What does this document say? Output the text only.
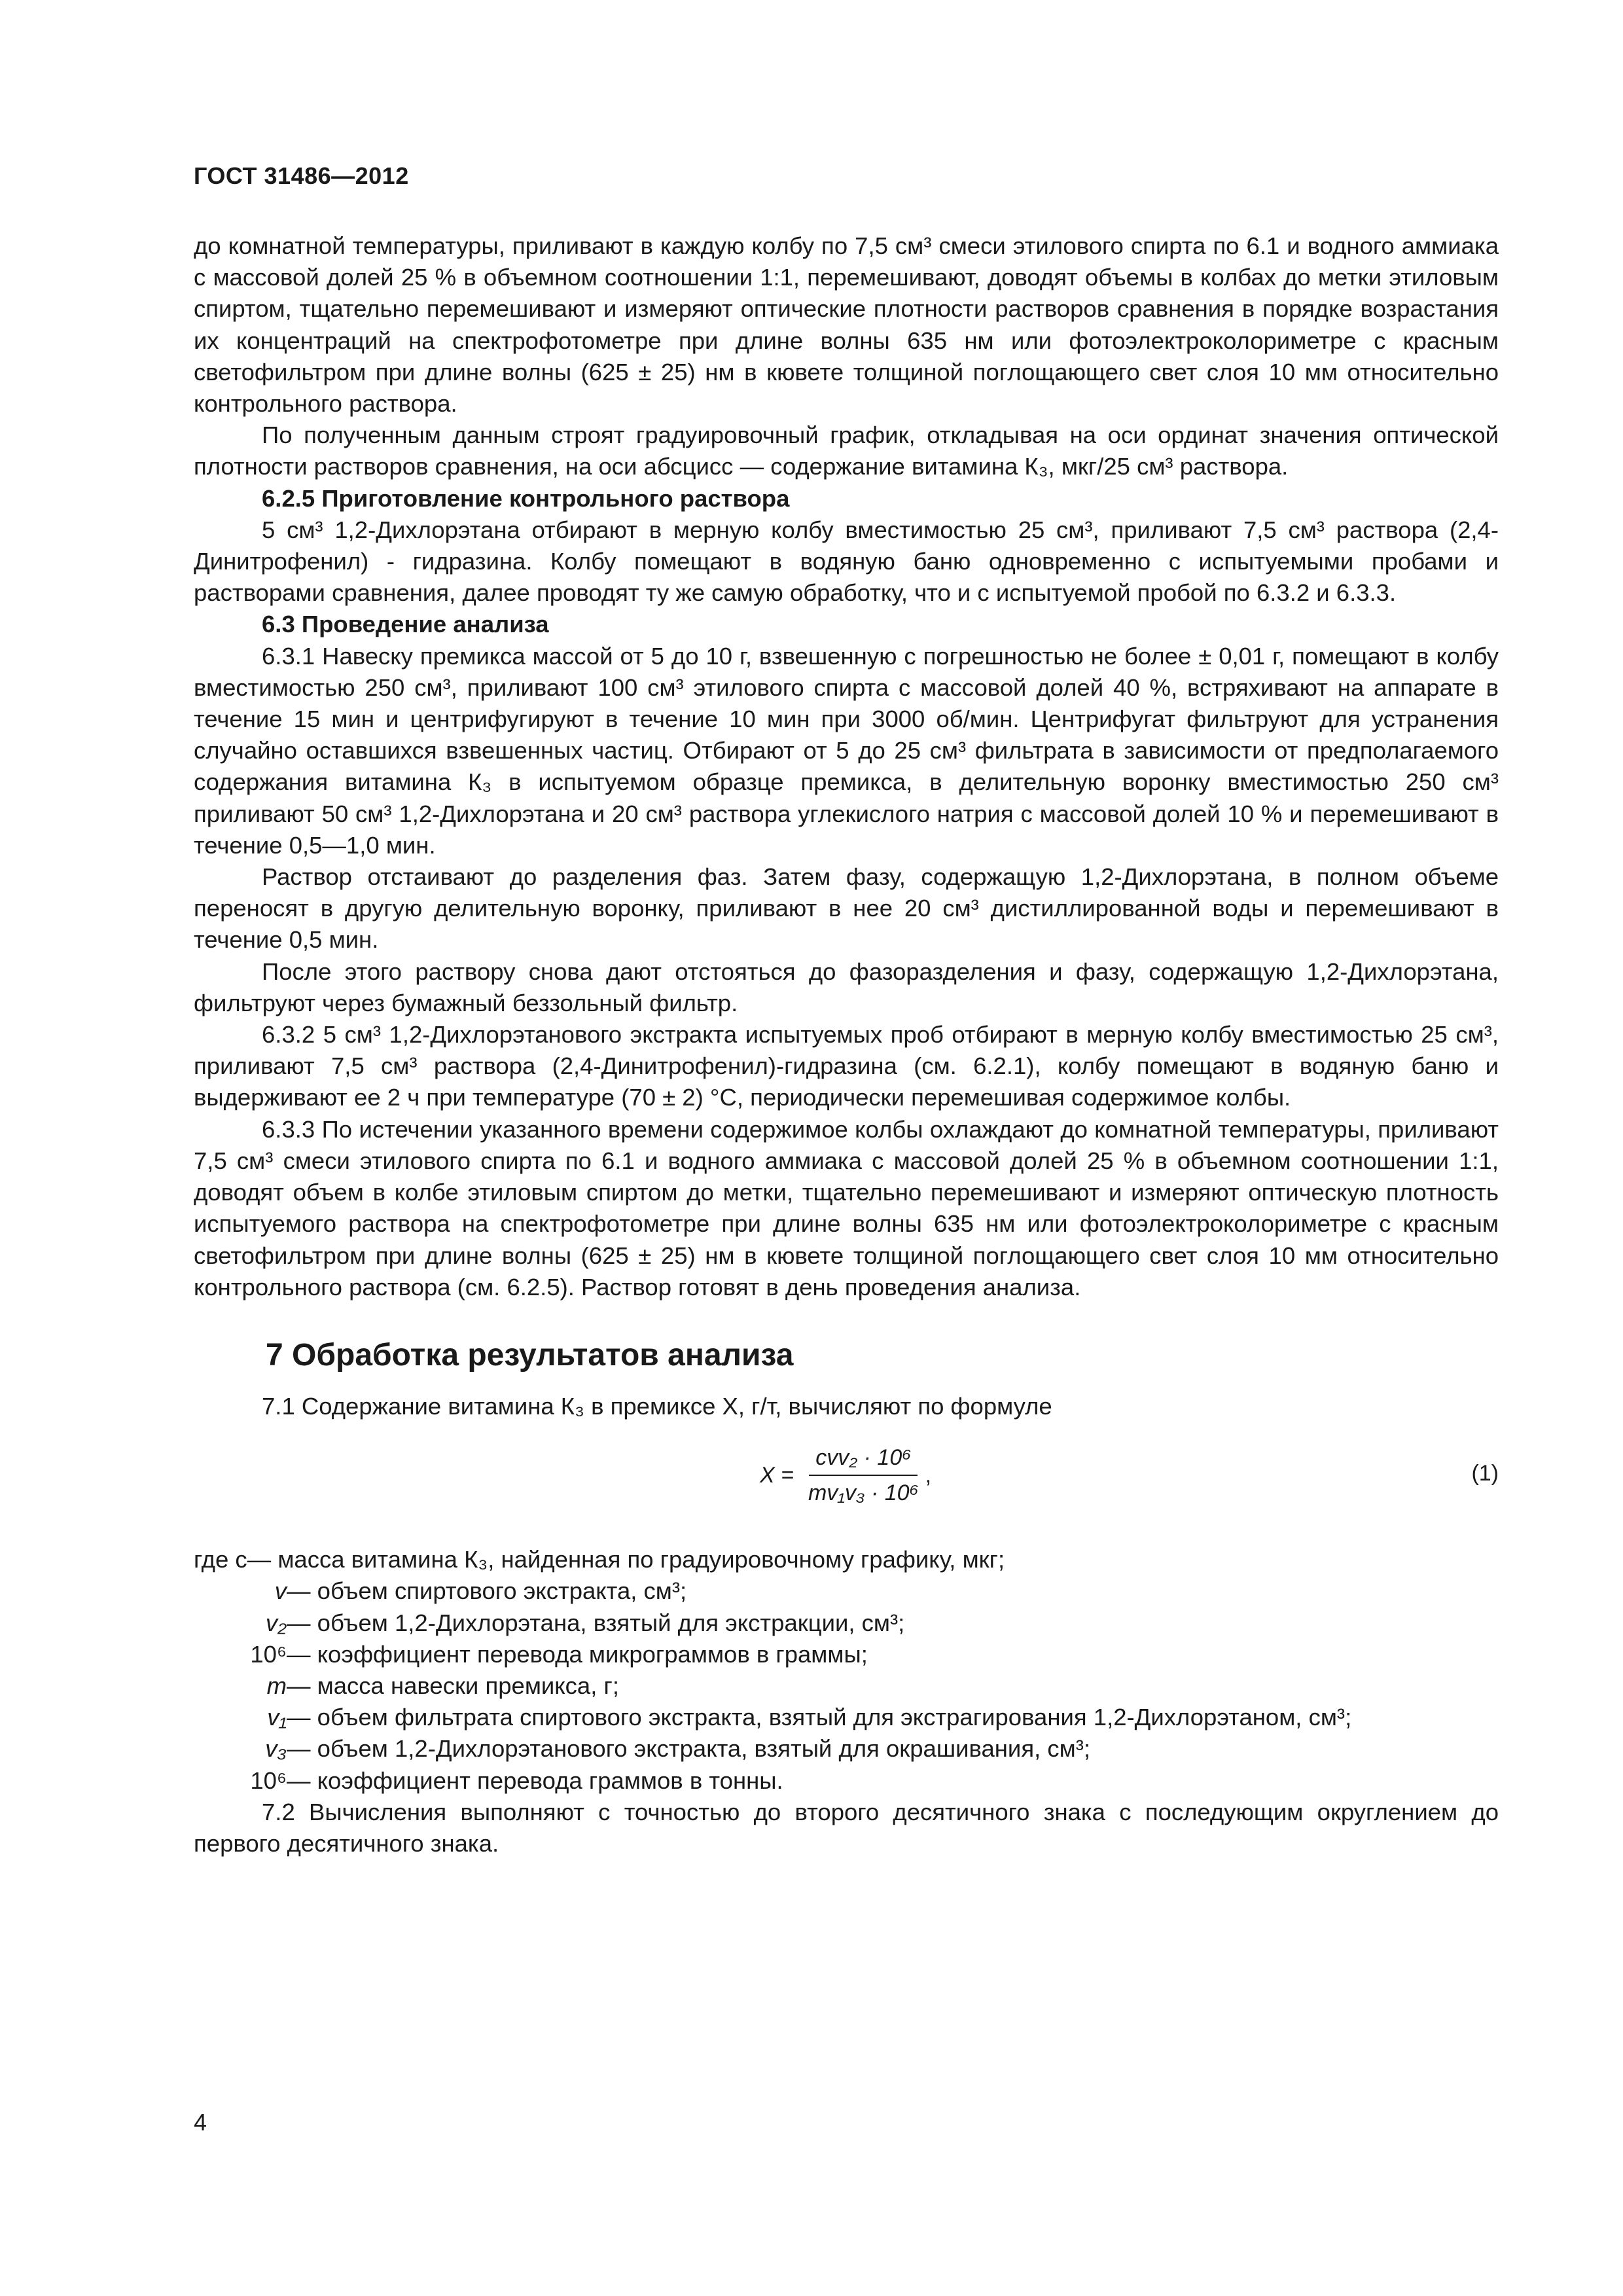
ГОСТ 31486—2012

до комнатной температуры, приливают в каждую колбу по 7,5 см³ смеси этилового спирта по 6.1 и водного аммиака с массовой долей 25 % в объемном соотношении 1:1, перемешивают, доводят объемы в колбах до метки этиловым спиртом, тщательно перемешивают и измеряют оптические плотности растворов сравнения в порядке возрастания их концентраций на спектрофотометре при длине волны 635 нм или фотоэлектроколориметре с красным светофильтром при длине волны (625 ± 25) нм в кювете толщиной поглощающего свет слоя 10 мм относительно контрольного раствора.

По полученным данным строят градуировочный график, откладывая на оси ординат значения оптической плотности растворов сравнения, на оси абсцисс — содержание витамина К₃, мкг/25 см³ раствора.

6.2.5 Приготовление контрольного раствора

5 см³ 1,2-Дихлорэтана отбирают в мерную колбу вместимостью 25 см³, приливают 7,5 см³ раствора (2,4-Динитрофенил) - гидразина. Колбу помещают в водяную баню одновременно с испытуемыми пробами и растворами сравнения, далее проводят ту же самую обработку, что и с испытуемой пробой по 6.3.2 и 6.3.3.

6.3 Проведение анализа

6.3.1 Навеску премикса массой от 5 до 10 г, взвешенную с погрешностью не более ± 0,01 г, помещают в колбу вместимостью 250 см³, приливают 100 см³ этилового спирта с массовой долей 40 %, встряхивают на аппарате в течение 15 мин и центрифугируют в течение 10 мин при 3000 об/мин. Центрифугат фильтруют для устранения случайно оставшихся взвешенных частиц. Отбирают от 5 до 25 см³ фильтрата в зависимости от предполагаемого содержания витамина К₃ в испытуемом образце премикса, в делительную воронку вместимостью 250 см³ приливают 50 см³ 1,2-Дихлорэтана и 20 см³ раствора углекислого натрия с массовой долей 10 % и перемешивают в течение 0,5—1,0 мин.

Раствор отстаивают до разделения фаз. Затем фазу, содержащую 1,2-Дихлорэтана, в полном объеме переносят в другую делительную воронку, приливают в нее 20 см³ дистиллированной воды и перемешивают в течение 0,5 мин.

После этого раствору снова дают отстояться до фазоразделения и фазу, содержащую 1,2-Дихлорэтана, фильтруют через бумажный беззольный фильтр.

6.3.2 5 см³ 1,2-Дихлорэтанового экстракта испытуемых проб отбирают в мерную колбу вместимостью 25 см³, приливают 7,5 см³ раствора (2,4-Динитрофенил)-гидразина (см. 6.2.1), колбу помещают в водяную баню и выдерживают ее 2 ч при температуре (70 ± 2) °С, периодически перемешивая содержимое колбы.

6.3.3 По истечении указанного времени содержимое колбы охлаждают до комнатной температуры, приливают 7,5 см³ смеси этилового спирта по 6.1 и водного аммиака с массовой долей 25 % в объемном соотношении 1:1, доводят объем в колбе этиловым спиртом до метки, тщательно перемешивают и измеряют оптическую плотность испытуемого раствора на спектрофотометре при длине волны 635 нм или фотоэлектроколориметре с красным светофильтром при длине волны (625 ± 25) нм в кювете толщиной поглощающего свет слоя 10 мм относительно контрольного раствора (см. 6.2.5). Раствор готовят в день проведения анализа.

7 Обработка результатов анализа

7.1 Содержание витамина К₃ в премиксе X, г/т, вычисляют по формуле

$X = \frac{\text{cvv₂ · 10⁶}}{\text{mv₁v₃ · 10⁶}}$ ,	(1)
где c — масса витамина К₃, найденная по градуировочному графику, мкг;
v — объем спиртового экстракта, см³;
v₂ — объем 1,2-Дихлорэтана, взятый для экстракции, см³;
10⁶ — коэффициент перевода микрограммов в граммы;
m — масса навески премикса, г;
v₁ — объем фильтрата спиртового экстракта, взятый для экстрагирования 1,2-Дихлорэтаном, см³;
v₃ — объем 1,2-Дихлорэтанового экстракта, взятый для окрашивания, см³;
10⁶ — коэффициент перевода граммов в тонны.

7.2 Вычисления выполняют с точностью до второго десятичного знака с последующим округлением до первого десятичного знака.

4
